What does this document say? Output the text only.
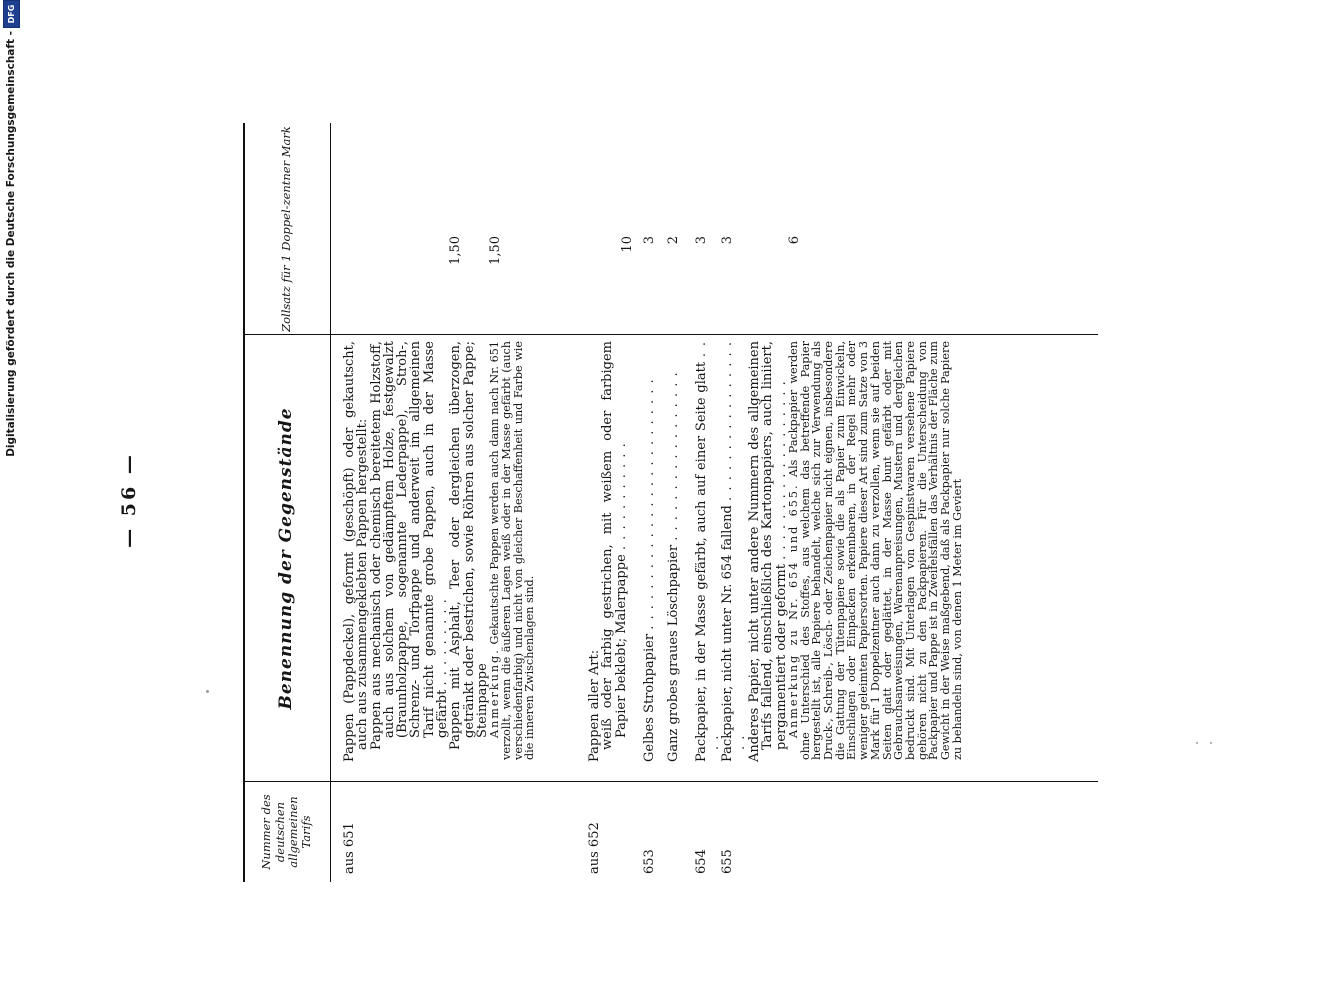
— 56 —
Nummer des deutschen allgemeinen Tarifs
Benennung der Gegenstände
Zollsatz für 1 Doppel-zentner Mark
aus 651

Pappen (Pappdeckel), geformt (geschöpft) oder gekautscht, auch aus zusammengeklebten Pappen hergestellt:

Pappen aus mechanisch oder chemisch bereitetem Holzstoff, auch aus solchem von gedämpftem Holze, festgewalzt (Braunholzpappe, sogenannte Lederpappe), Stroh-, Schrenz- und Torfpappe und anderweit im allgemeinen Tarif nicht genannte grobe Pappen, auch in der Masse gefärbt . . . . . . . . .

Pappen mit Asphalt, Teer oder dergleichen überzogen, getränkt oder bestrichen, sowie Röhren aus solcher Pappe; Steinpappe

Anmerkung. Gekautschte Pappen werden auch dann nach Nr. 651 verzollt, wenn die äußeren Lagen weiß oder in der Masse gefärbt (auch verschiedenfarbig) und nicht von gleicher Beschaffenheit und Farbe wie die inneren Zwischenlagen sind.

1,50 1,50
aus 652

Pappen aller Art:

weiß oder farbig gestrichen, mit weißem oder farbigem Papier beklebt; Malerpappe . . . . . . . . . . .

10
653

Gelbes Strohpapier . . . . . . . . . . . . . . . . . . . . . . . . .

3

Ganz grobes graues Löschpapier . . . . . . . . . . . . . . . . .

2
654

Packpapier, in der Masse gefärbt, auch auf einer Seite glatt . . . .

3
655

Packpapier, nicht unter Nr. 654 fallend . . . . . . . . . . . . . . . . . .

3

Anderes Papier, nicht unter andere Nummern des allgemeinen Tarifs fallend, einschließlich des Kartonpapiers, auch liniiert, pergamentiert oder geformt . . . . . . . . . . . . . . . . . .

Anmerkung zu Nr. 654 und 655. Als Packpapier werden ohne Unterschied des Stoffes, aus welchem das betreffende Papier hergestellt ist, alle Papiere behandelt, welche sich zur Verwendung als Druck-, Schreib-, Lösch- oder Zeichenpapier nicht eignen, insbesondere die Gattung der Tütenpapiere sowie die als Papier zum Einwickeln, Einschlagen oder Einpacken erkennbaren, in der Regel mehr oder weniger geleimten Papiersorten. Papiere dieser Art sind zum Satze von 3 Mark für 1 Doppelzentner auch dann zu verzollen, wenn sie auf beiden Seiten glatt oder geglättet, in der Masse bunt gefärbt oder mit Gebrauchsanweisungen, Warenanpreisungen, Mustern und dergleichen bedruckt sind. Mit Unterlagen von Gespinstwaren versehene Papiere gehören nicht zu den Packpapieren. Für die Unterscheidung von Packpapier und Pappe ist in Zweifelsfällen das Verhältnis der Fläche zum Gewicht in der Weise maßgebend, daß als Packpapier nur solche Papiere zu behandeln sind, von denen 1 Meter im Geviert

6
Digitalisierung gefördert durch die Deutsche Forschungsgemeinschaft -
DFG
